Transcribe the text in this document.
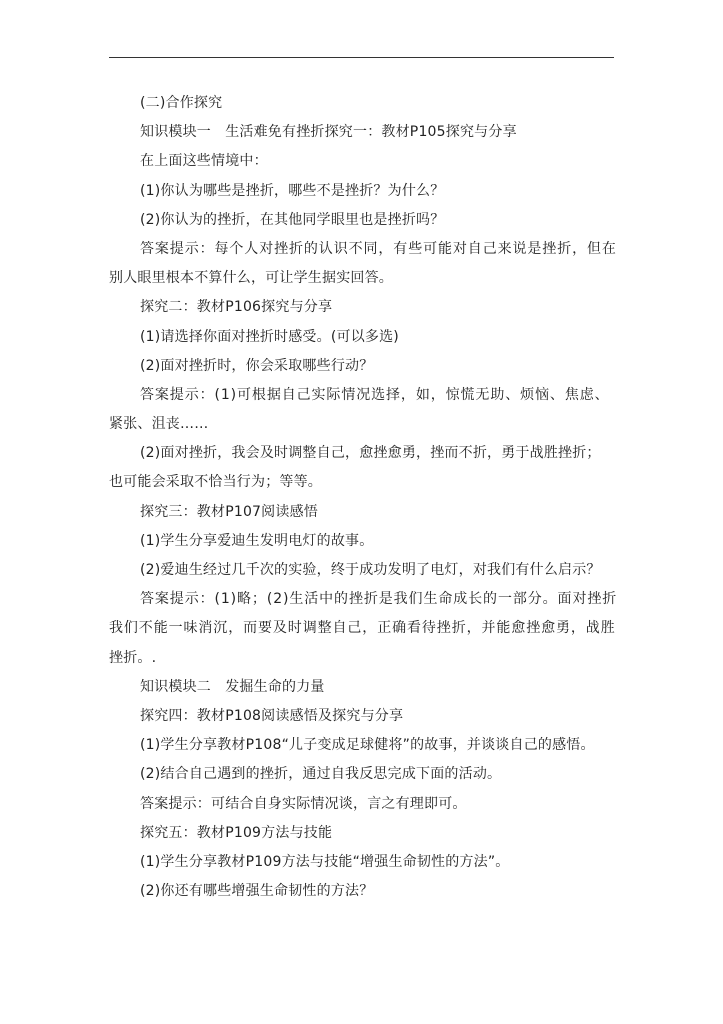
(二)合作探究
知识模块一　生活难免有挫折探究一：教材P105探究与分享
在上面这些情境中：
(1)你认为哪些是挫折，哪些不是挫折？为什么？
(2)你认为的挫折，在其他同学眼里也是挫折吗？
答案提示：每个人对挫折的认识不同，有些可能对自己来说是挫折，但在
别人眼里根本不算什么，可让学生据实回答。
探究二：教材P106探究与分享
(1)请选择你面对挫折时感受。(可以多选)
(2)面对挫折时，你会采取哪些行动？
答案提示：(1)可根据自己实际情况选择，如，惊慌无助、烦恼、焦虑、
紧张、沮丧……
(2)面对挫折，我会及时调整自己，愈挫愈勇，挫而不折，勇于战胜挫折；
也可能会采取不恰当行为；等等。
探究三：教材P107阅读感悟
(1)学生分享爱迪生发明电灯的故事。
(2)爱迪生经过几千次的实验，终于成功发明了电灯，对我们有什么启示？
答案提示：(1)略；(2)生活中的挫折是我们生命成长的一部分。面对挫折
我们不能一味消沉，而要及时调整自己，正确看待挫折，并能愈挫愈勇，战胜
挫折。.
知识模块二　发掘生命的力量
探究四：教材P108阅读感悟及探究与分享
(1)学生分享教材P108“儿子变成足球健将”的故事，并谈谈自己的感悟。
(2)结合自己遇到的挫折，通过自我反思完成下面的活动。
答案提示：可结合自身实际情况谈，言之有理即可。
探究五：教材P109方法与技能
(1)学生分享教材P109方法与技能“增强生命韧性的方法”。
(2)你还有哪些增强生命韧性的方法？
